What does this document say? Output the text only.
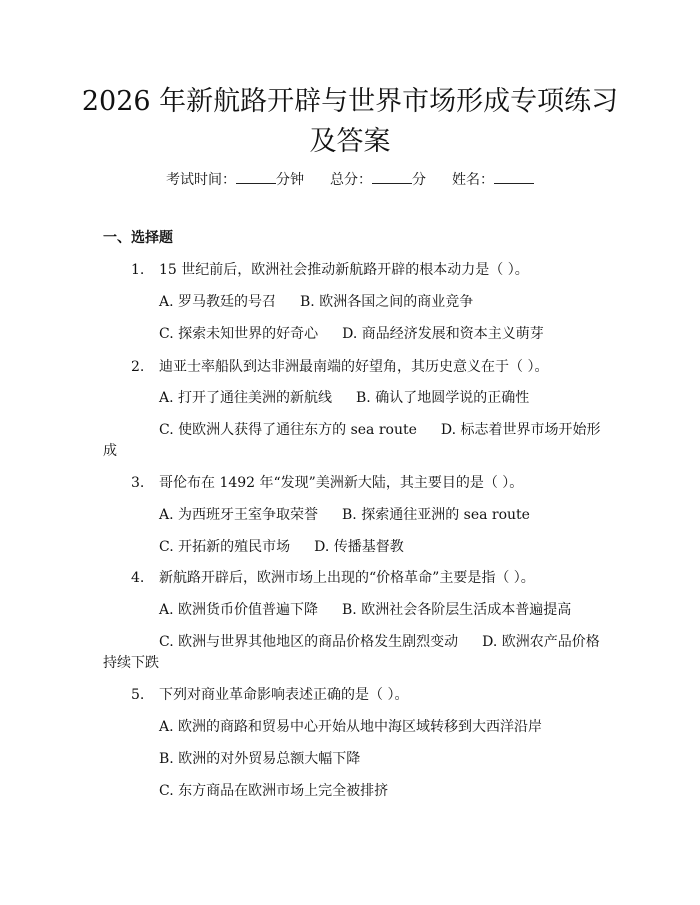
2026 年新航路开辟与世界市场形成专项练习
及答案
考试时间：	分钟 总分：	分 姓名：
一、选择题
1. 15 世纪前后，欧洲社会推动新航路开辟的根本动力是（ ）。
A. 罗马教廷的号召 B. 欧洲各国之间的商业竞争
C. 探索未知世界的好奇心 D. 商品经济发展和资本主义萌芽
2. 迪亚士率船队到达非洲最南端的好望角，其历史意义在于（ ）。
A. 打开了通往美洲的新航线 B. 确认了地圆学说的正确性
C. 使欧洲人获得了通往东方的 sea route D. 标志着世界市场开始形
成
3. 哥伦布在 1492 年“发现”美洲新大陆，其主要目的是（ ）。
A. 为西班牙王室争取荣誉 B. 探索通往亚洲的 sea route
C. 开拓新的殖民市场 D. 传播基督教
4. 新航路开辟后，欧洲市场上出现的“价格革命”主要是指（ ）。
A. 欧洲货币价值普遍下降 B. 欧洲社会各阶层生活成本普遍提高
C. 欧洲与世界其他地区的商品价格发生剧烈变动 D. 欧洲农产品价格
持续下跌
5. 下列对商业革命影响表述正确的是（ ）。
A. 欧洲的商路和贸易中心开始从地中海区域转移到大西洋沿岸
B. 欧洲的对外贸易总额大幅下降
C. 东方商品在欧洲市场上完全被排挤
